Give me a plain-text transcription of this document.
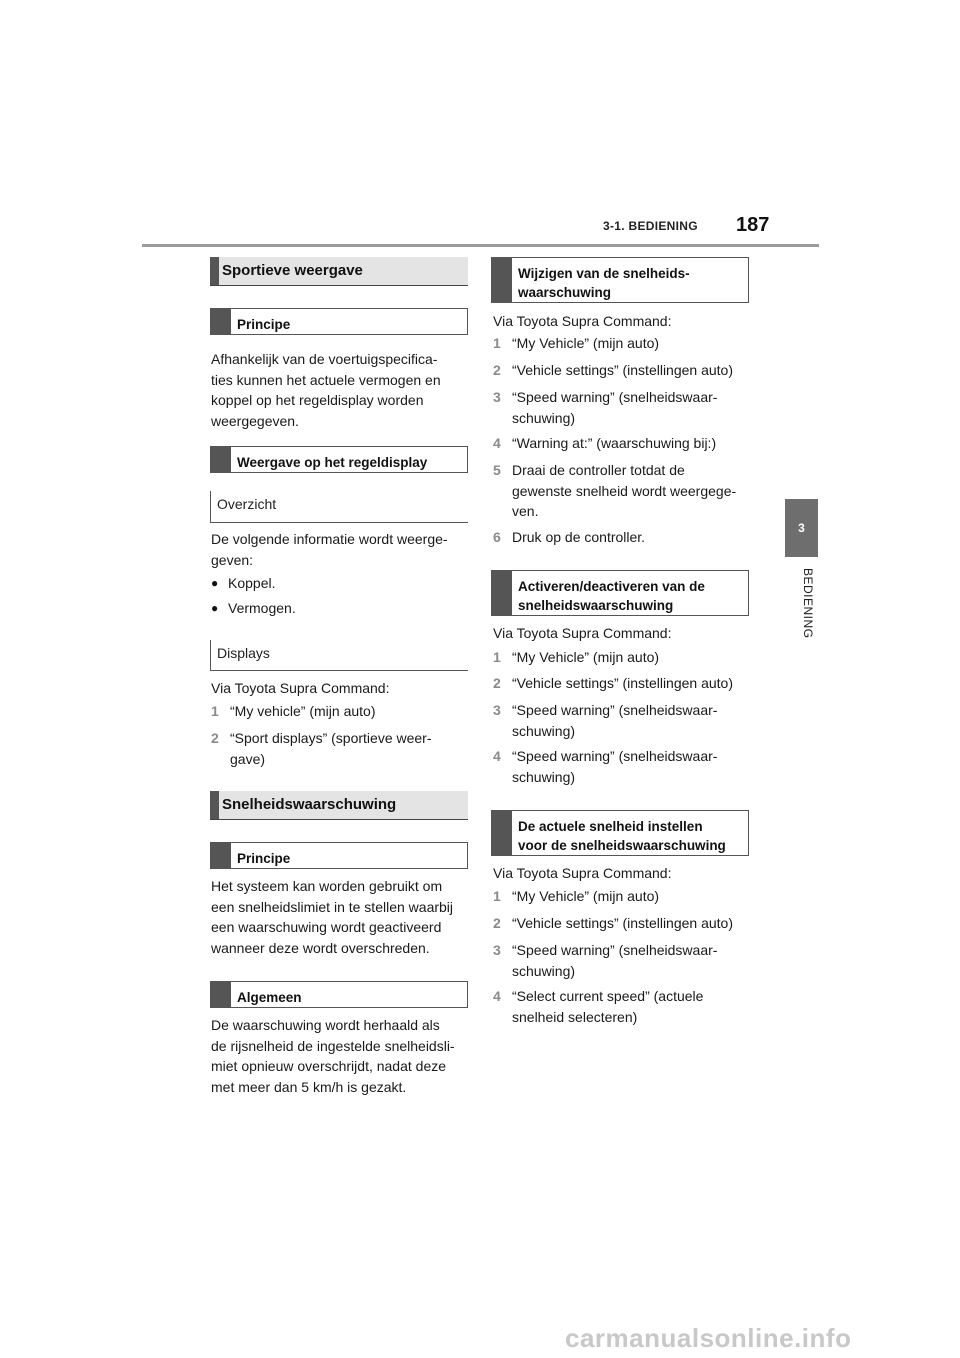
3-1. BEDIENING 187
3
BEDIENING
Sportieve weergave
Principe
Afhankelijk van de voertuigspecifica-
ties kunnen het actuele vermogen en
koppel op het regeldisplay worden
weergegeven.
Weergave op het regeldisplay
Overzicht
De volgende informatie wordt weerge-
geven:
● Koppel.
● Vermogen.
Displays
Via Toyota Supra Command:
1 “My vehicle” (mijn auto)
2 “Sport displays” (sportieve weer-
gave)
Snelheidswaarschuwing
Principe
Het systeem kan worden gebruikt om
een snelheidslimiet in te stellen waarbij
een waarschuwing wordt geactiveerd
wanneer deze wordt overschreden.
Algemeen
De waarschuwing wordt herhaald als
de rijsnelheid de ingestelde snelheidsli-
miet opnieuw overschrijdt, nadat deze
met meer dan 5 km/h is gezakt.
Wijzigen van de snelheids-
waarschuwing
Via Toyota Supra Command:
1 “My Vehicle” (mijn auto)
2 “Vehicle settings” (instellingen auto)
3 “Speed warning” (snelheidswaar-
schuwing)
4 “Warning at:” (waarschuwing bij:)
5 Draai de controller totdat de
gewenste snelheid wordt weergege-
ven.
6 Druk op de controller.
Activeren/deactiveren van de
snelheidswaarschuwing
Via Toyota Supra Command:
1 “My Vehicle” (mijn auto)
2 “Vehicle settings” (instellingen auto)
3 “Speed warning” (snelheidswaar-
schuwing)
4 “Speed warning” (snelheidswaar-
schuwing)
De actuele snelheid instellen
voor de snelheidswaarschuwing
Via Toyota Supra Command:
1 “My Vehicle” (mijn auto)
2 “Vehicle settings” (instellingen auto)
3 “Speed warning” (snelheidswaar-
schuwing)
4 “Select current speed” (actuele
snelheid selecteren)
carmanualsonline.info
